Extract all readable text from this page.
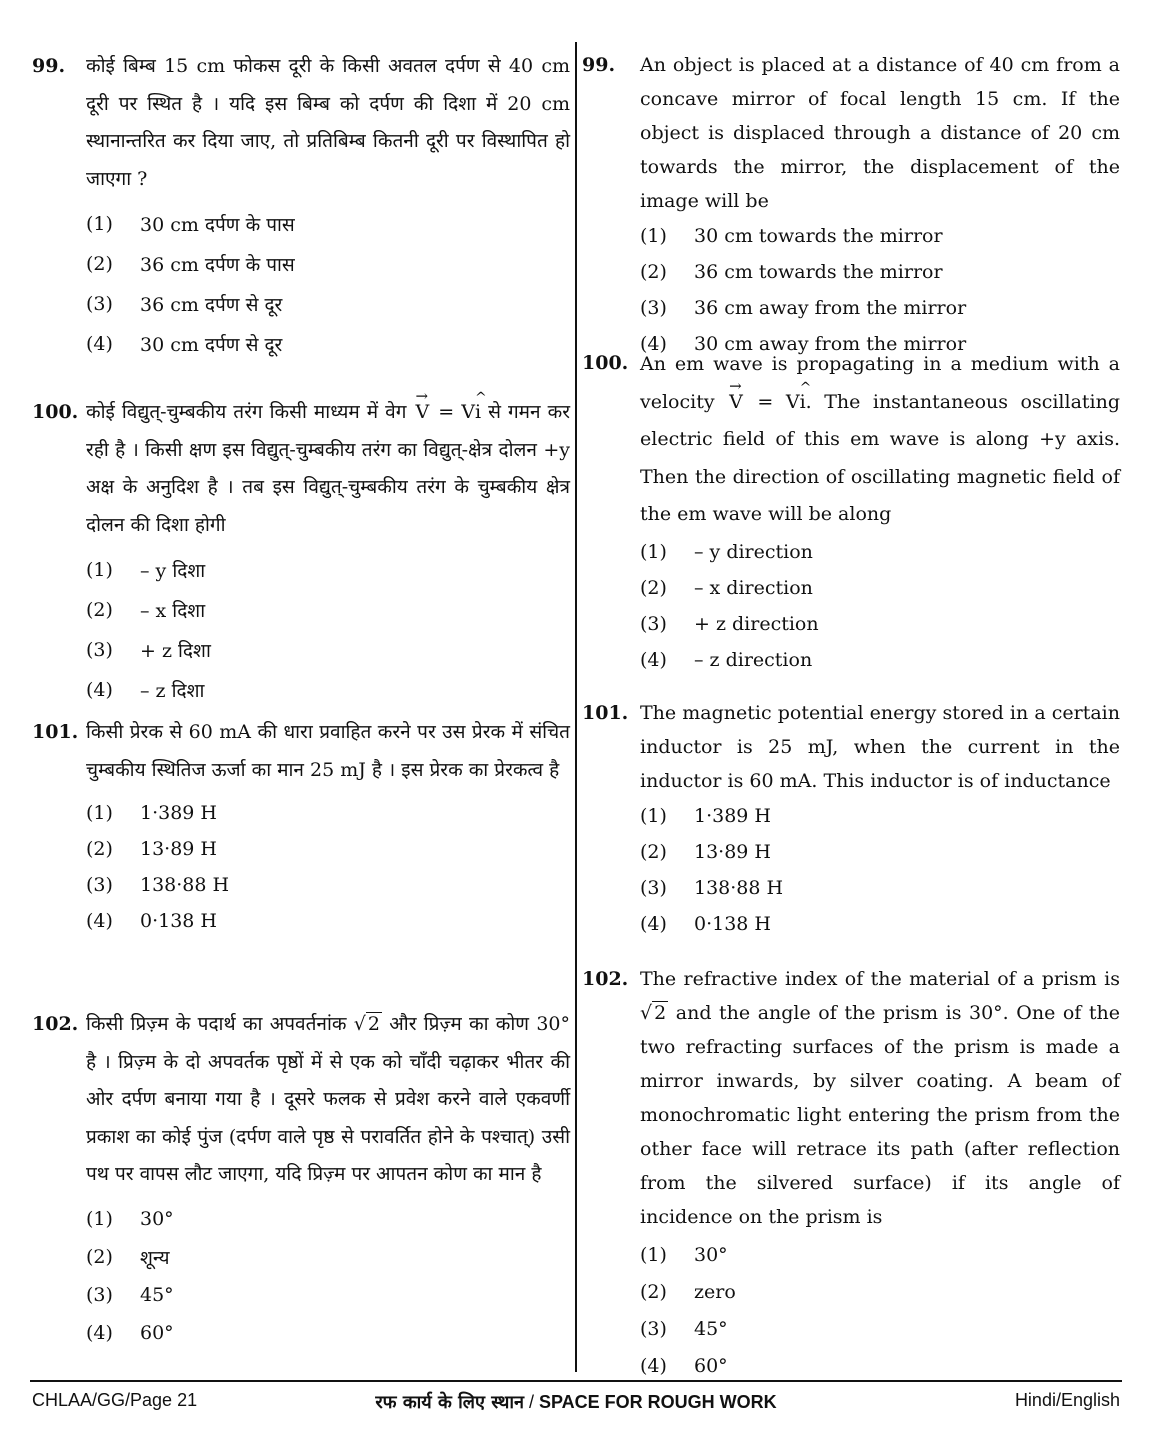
99. कोई बिम्ब 15 cm फोकस दूरी के किसी अवतल दर्पण से 40 cm दूरी पर स्थित है । यदि इस बिम्ब को दर्पण की दिशा में 20 cm स्थानान्तरित कर दिया जाए, तो प्रतिबिम्ब कितनी दूरी पर विस्थापित हो जाएगा ?
(1)	30 cm दर्पण के पास
(2)	36 cm दर्पण के पास
(3)	36 cm दर्पण से दूर
(4)	30 cm दर्पण से दूर
100. कोई विद्युत्-चुम्बकीय तरंग किसी माध्यम में वेग
→
V = V
^
i से गमन कर रही है । किसी क्षण इस विद्युत्-चुम्बकीय तरंग का विद्युत्-क्षेत्र दोलन +y अक्ष के अनुदिश है । तब इस विद्युत्-चुम्बकीय तरंग के चुम्बकीय क्षेत्र दोलन की दिशा होगी
(1)	– y दिशा
(2)	– x दिशा
(3)	+ z दिशा
(4)	– z दिशा
101. किसी प्रेरक से 60 mA की धारा प्रवाहित करने पर उस प्रेरक में संचित चुम्बकीय स्थितिज ऊर्जा का मान 25 mJ है । इस प्रेरक का प्रेरकत्व है
(1)	1·389 H
(2)	13·89 H
(3)	138·88 H
(4)	0·138 H
102. किसी प्रिज़्म के पदार्थ का अपवर्तनांक √ 2 और प्रिज़्म का कोण 30° है । प्रिज़्म के दो अपवर्तक पृष्ठों में से एक को चाँदी चढ़ाकर भीतर की ओर दर्पण बनाया गया है । दूसरे फलक से प्रवेश करने वाले एकवर्णी प्रकाश का कोई पुंज (दर्पण वाले पृष्ठ से परावर्तित होने के पश्चात्) उसी पथ पर वापस लौट जाएगा, यदि प्रिज़्म पर आपतन कोण का मान है
(1)	30°
(2)	शून्य
(3)	45°
(4)	60°
99. An object is placed at a distance of 40 cm from a concave mirror of focal length 15 cm. If the object is displaced through a distance of 20 cm towards the mirror, the displacement of the image will be
(1)	30 cm towards the mirror
(2)	36 cm towards the mirror
(3)	36 cm away from the mirror
(4)	30 cm away from the mirror
100. An em wave is propagating in a medium with a velocity
→
V = V
^
i. The instantaneous oscillating electric field of this em wave is along +y axis. Then the direction of oscillating magnetic field of the em wave will be along
(1)	– y direction
(2)	– x direction
(3)	+ z direction
(4)	– z direction
101. The magnetic potential energy stored in a certain inductor is 25 mJ, when the current in the inductor is 60 mA. This inductor is of inductance
(1)	1·389 H
(2)	13·89 H
(3)	138·88 H
(4)	0·138 H
102. The refractive index of the material of a prism is √ 2 and the angle of the prism is 30°. One of the two refracting surfaces of the prism is made a mirror inwards, by silver coating. A beam of monochromatic light entering the prism from the other face will retrace its path (after reflection from the silvered surface) if its angle of incidence on the prism is
(1)	30°
(2)	zero
(3)	45°
(4)	60°
CHLAA/GG/Page 21	रफ कार्य के लिए स्थान / SPACE FOR ROUGH WORK	Hindi/English
